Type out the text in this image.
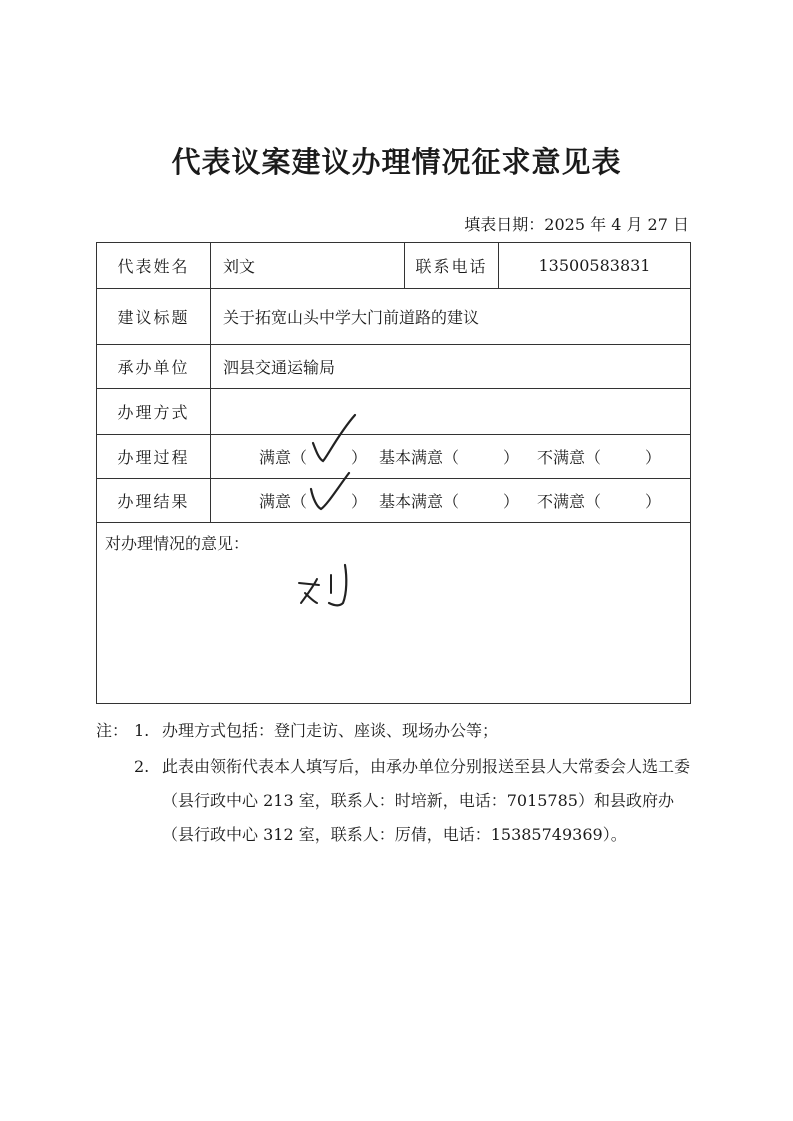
代表议案建议办理情况征求意见表
填表日期：2025 年 4 月 27 日
代表姓名	刘文	联系电话	13500583831
建议标题	关于拓宽山头中学大门前道路的建议
承办单位	泗县交通运输局
办理方式
办理过程	满意（	） 基本满意（	） 不满意（	）
办理结果	满意（	） 基本满意（	） 不满意（	）
对办理情况的意见：
注： 1. 办理方式包括：登门走访、座谈、现场办公等；
2. 此表由领衔代表本人填写后，由承办单位分别报送至县人大常委会人选工委（县行政中心 213 室，联系人：时培新，电话：7015785）和县政府办（县行政中心 312 室，联系人：厉倩，电话：15385749369）。
